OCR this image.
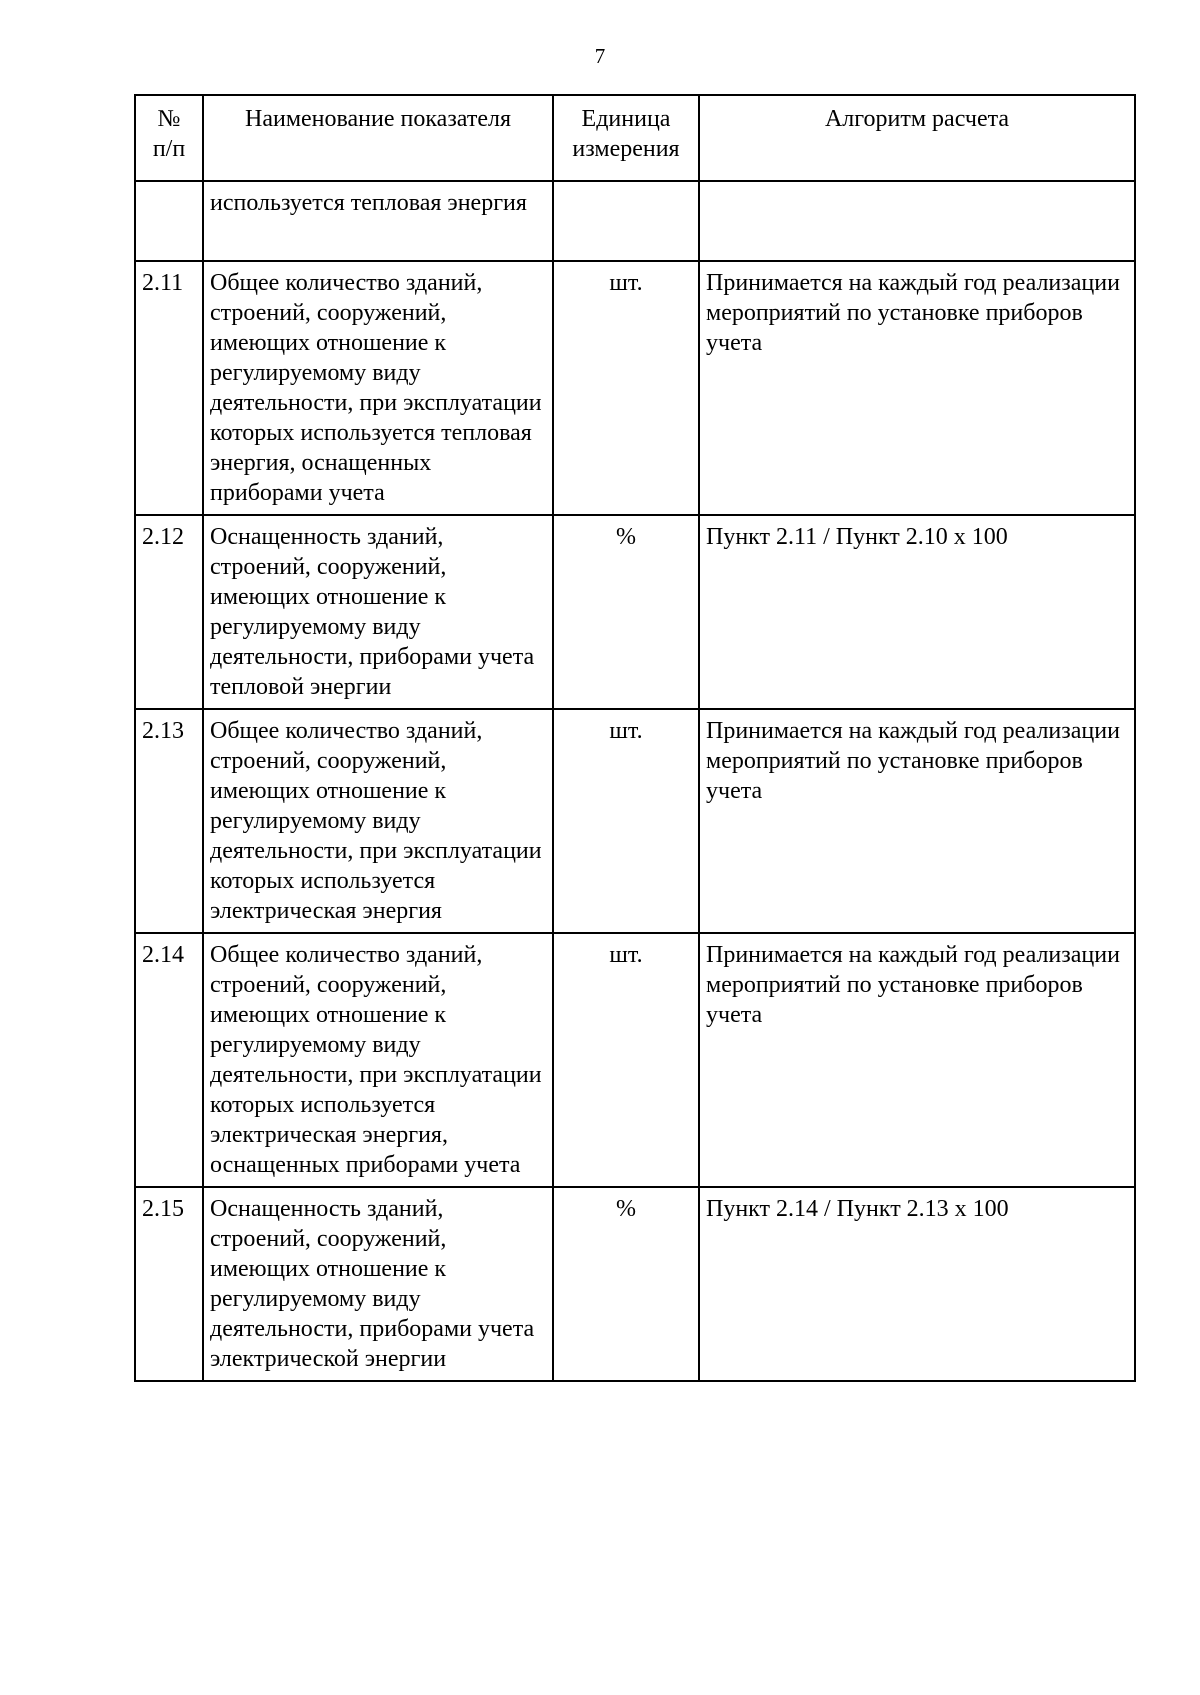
7
№
п/п	Наименование показателя	Единица измерения	Алгоритм расчета
	используется тепловая энергия		
2.11	Общее количество зданий, строений, сооружений, имеющих отношение к регулируемому виду деятельности, при эксплуатации которых используется тепловая энергия, оснащенных приборами учета	шт.	Принимается на каждый год реализации мероприятий по установке приборов учета
2.12	Оснащенность зданий, строений, сооружений, имеющих отношение к регулируемому виду деятельности, приборами учета тепловой энергии	%	Пункт 2.11 / Пункт 2.10 x 100
2.13	Общее количество зданий, строений, сооружений, имеющих отношение к регулируемому виду деятельности, при эксплуатации которых используется электрическая энергия	шт.	Принимается на каждый год реализации мероприятий по установке приборов учета
2.14	Общее количество зданий, строений, сооружений, имеющих отношение к регулируемому виду деятельности, при эксплуатации которых используется электрическая энергия, оснащенных приборами учета	шт.	Принимается на каждый год реализации мероприятий по установке приборов учета
2.15	Оснащенность зданий, строений, сооружений, имеющих отношение к регулируемому виду деятельности, приборами учета электрической энергии	%	Пункт 2.14 / Пункт 2.13 x 100
